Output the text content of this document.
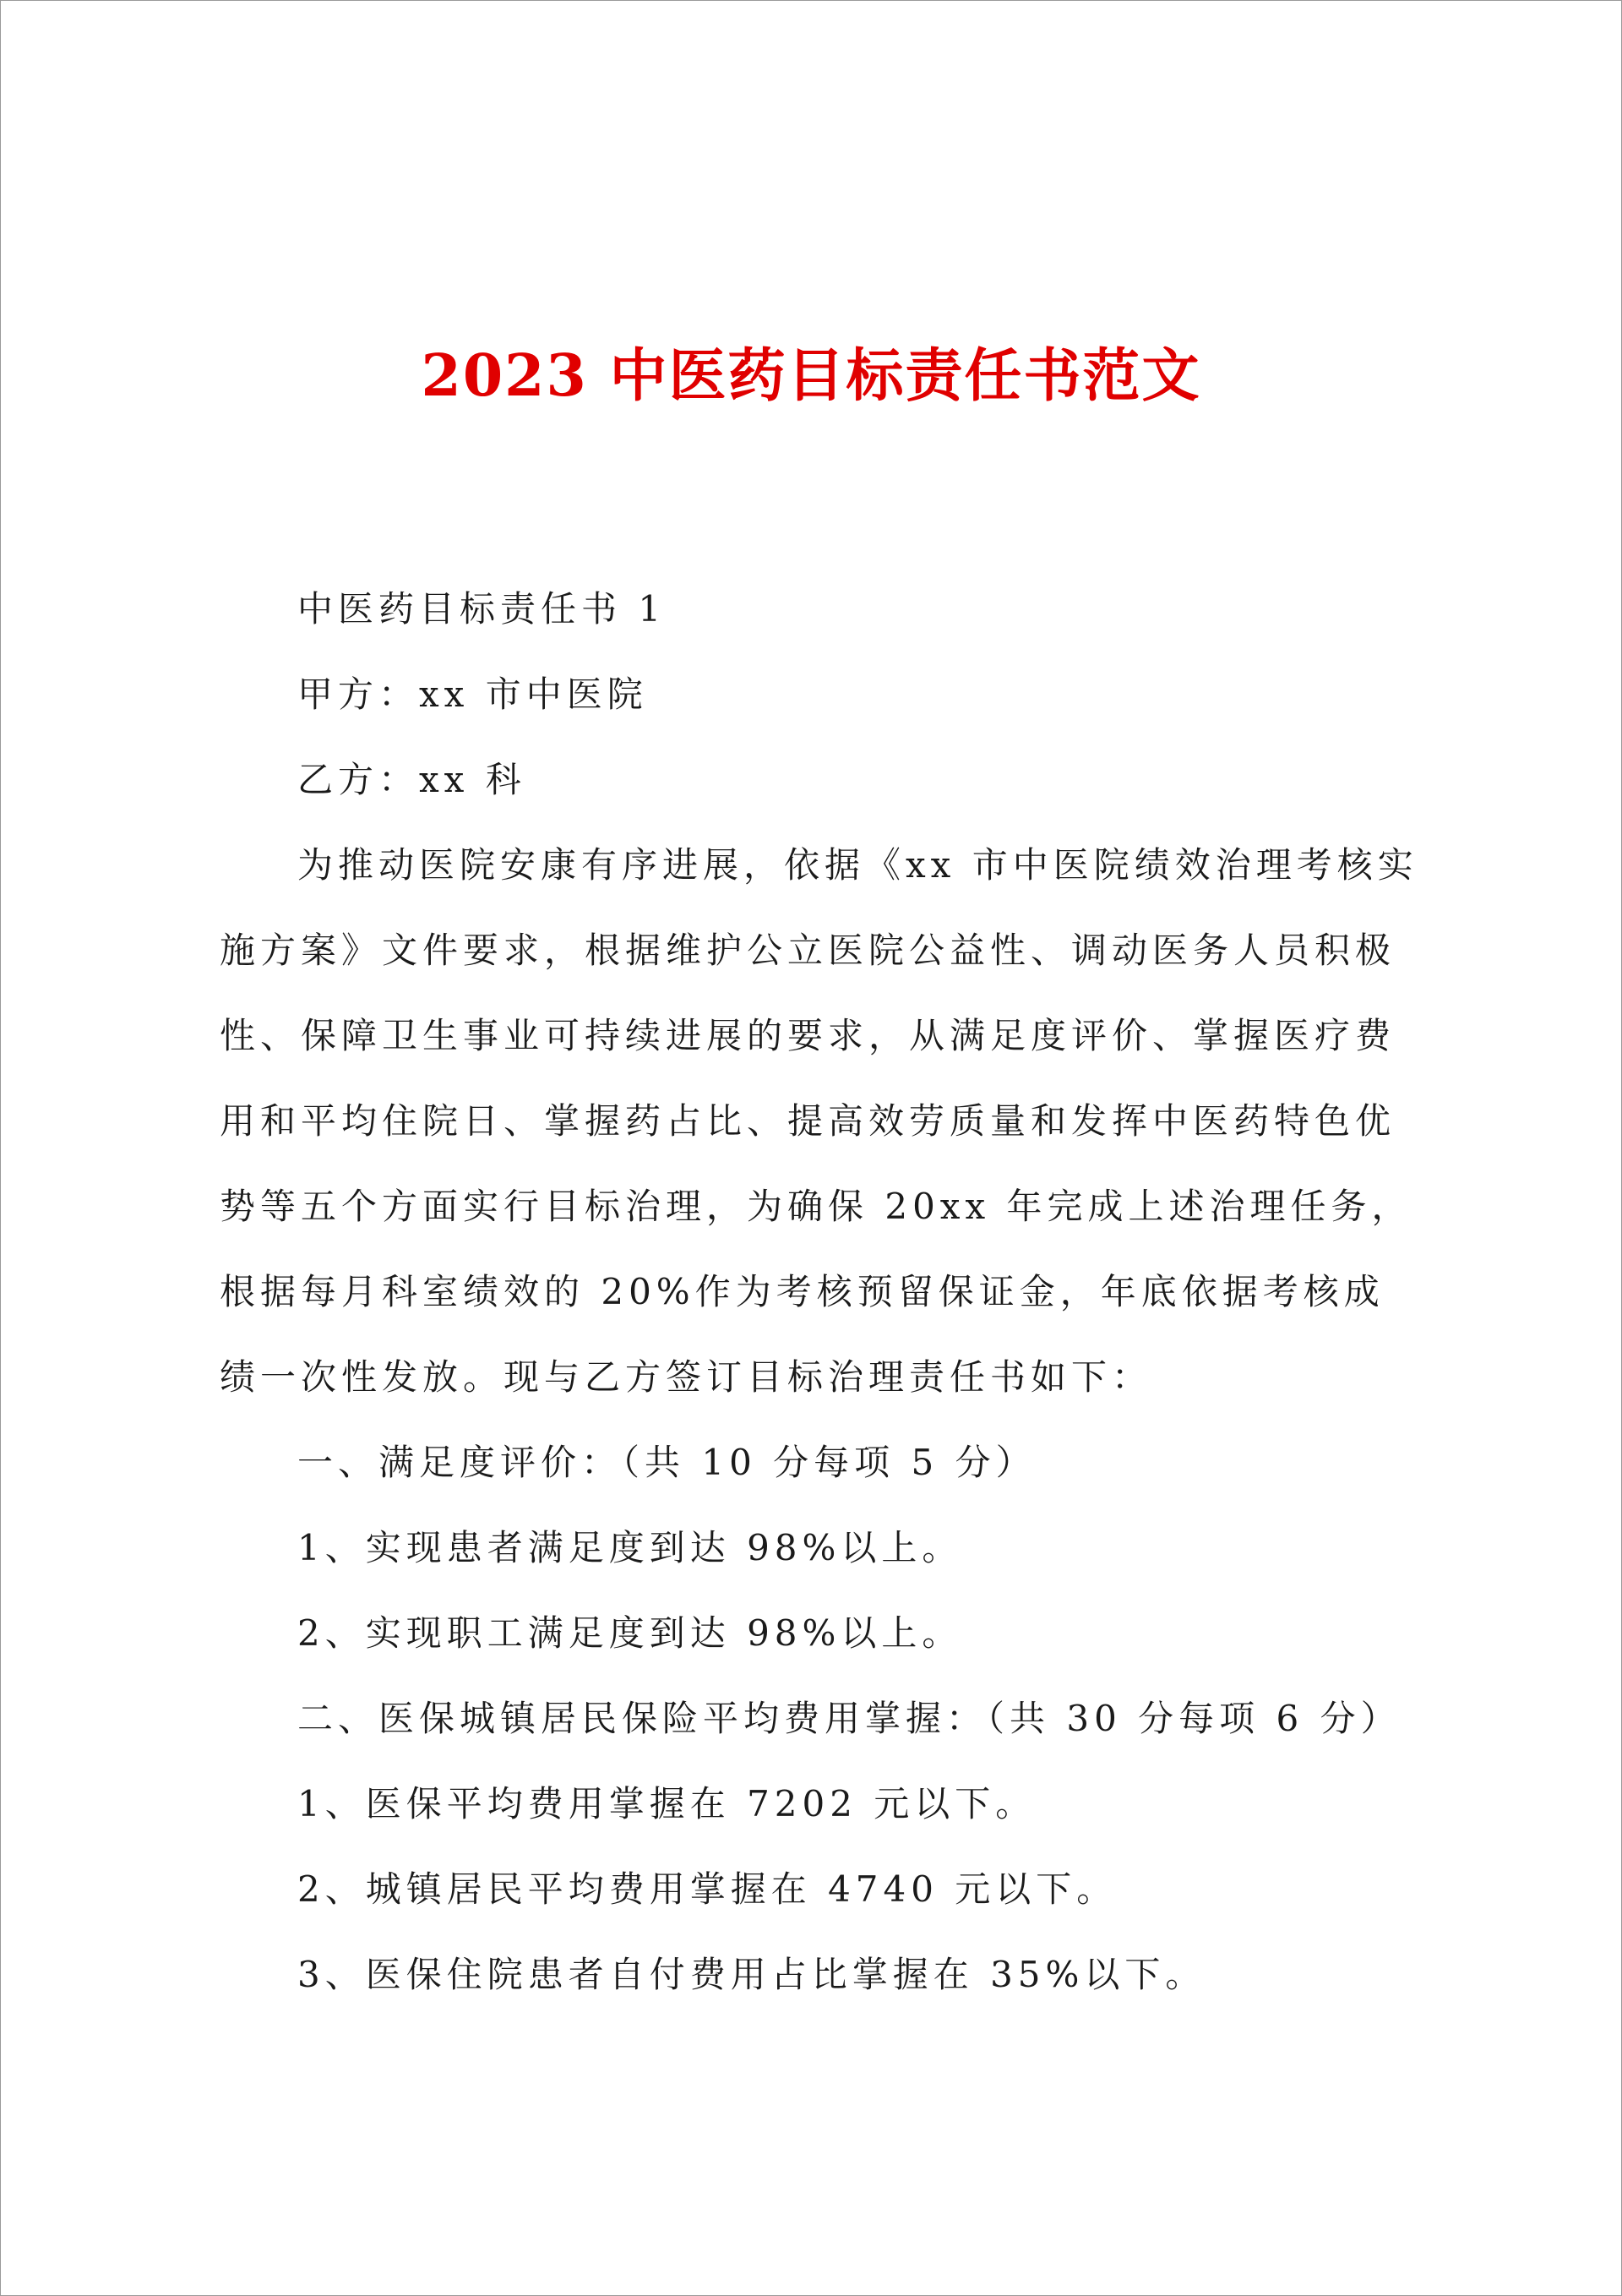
2023 中医药目标责任书范文

中医药目标责任书 1

甲方：xx 市中医院

乙方：xx 科

为推动医院安康有序进展，依据《xx 市中医院绩效治理考核实施方案》文件要求，根据维护公立医院公益性、调动医务人员积极性、保障卫生事业可持续进展的要求，从满足度评价、掌握医疗费用和平均住院日、掌握药占比、提高效劳质量和发挥中医药特色优势等五个方面实行目标治理，为确保 20xx 年完成上述治理任务，根据每月科室绩效的 20%作为考核预留保证金，年底依据考核成绩一次性发放。现与乙方签订目标治理责任书如下：

一、满足度评价：（共 10 分每项 5 分）

1、实现患者满足度到达 98%以上。

2、实现职工满足度到达 98%以上。

二、医保城镇居民保险平均费用掌握：（共 30 分每项 6 分）

1、医保平均费用掌握在 7202 元以下。

2、城镇居民平均费用掌握在 4740 元以下。

3、医保住院患者自付费用占比掌握在 35%以下。
